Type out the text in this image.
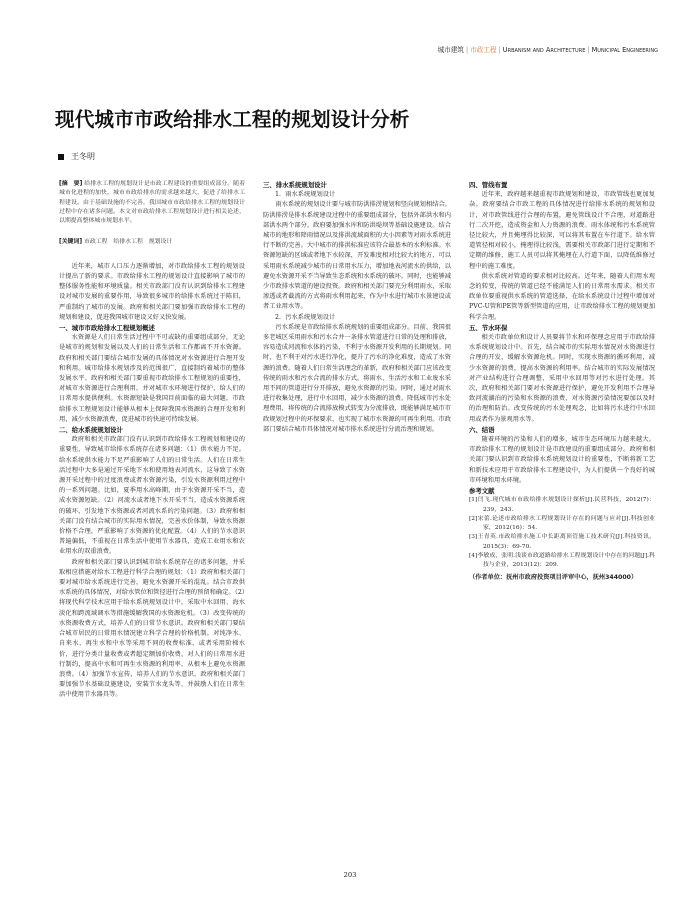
城市建筑 | 市政工程 | Urbanism and Architecture | Municipal Engineering
现代城市市政给排水工程的规划设计分析
王冬明

[摘　要] 给排水工程的规划设计是市政工程建设的重要组成部分。随着城市化进程的加快，城市市政给排水的需求越来越大，促进了给排水工程建设。由于基础设施的不完善，我国城市市政给排水工程的规划设计过程中存在诸多问题。本文对市政给排水工程规划设计进行相关论述，以期提高整体城市规划水平。

[关键词] 市政工程　给排水工程　规划设计

近年来，城市人口压力逐渐增加，对市政给排水工程的规划设计提出了新的要求。市政给排水工程的规划设计直接影响了城市的整体服务性能和环境质量。相关市政部门没有认识到给排水工程建设对城市发展的重要作用，导致很多城市的给排水系统过于陈旧，严重制约了城市的发展。政府和相关部门要加强市政给排水工程的规划和建设，促进我国城市建设又好又快发展。

一、城市市政给排水工程规划概述

水资源是人们日常生活过程中不可或缺的重要组成部分，无论是城市的规划和发展以及人们的日常生活和工作都离不开水资源。政府和相关部门要结合城市发展的具体情况对水资源进行合理开发和利用。城市给排水规划涉及的范围很广，直接制约着城市的整体发展水平。政府和相关部门要重视市政给排水工程规划的重要性，对城市水资源进行合理利用，并对城市水环境进行保护，给人们的日常用水提供便利。水资源短缺是我国目前面临的最大问题。市政给排水工程规划设计能够从根本上保障我国水资源的合理开发和利用，减少水资源浪费，促进城市的快速可持续发展。

二、给水系统规划设计

政府和相关市政部门没有认识到市政给排水工程规划和建设的重要性，导致城市给排水系统存在诸多问题：（1）供水能力不足。给水系统供水能力不足严重影响了人们的日常生活。人们在日常生活过程中大多是通过开采地下水和使用地表河流水，这导致了水资源开采过程中的过度浪费或者水资源污染，引发水资源利用过程中的一系列问题。比如，夏季用水高峰期，由于水资源开采不当，造成水资源短缺。（2）河流水或者地下水开采不当，造成水资源系统的破坏，引发地下水资源或者河流水系的污染问题。（3）政府和相关部门没有结合城市的实际用水情况，完善水价体制，导致水资源价格不合理，严重影响了水资源的优化配置。（4）人们的节水意识普遍偏低，不重视在日常生活中使用节水器具，造成工业用水和农业用水的双重浪费。

政府和相关部门要认识到城市给水系统存在的诸多问题，并采取相应措施对给水工程进行科学合理的规划：（1）政府和相关部门要对城市给水系统进行完善，避免水资源开采的混乱。结合市政供水系统的具体情况，对给水管位和管径进行合理的预留和确定。（2）将现代科学技术应用于给水系统规划设计中，采取中水回用、海水淡化和跨流域调水等措施缓解我国的水资源危机。（3）改变传统的水资源收费方式，培养人们的日常节水意识。政府和相关部门要结合城市居民的日常用水情况建立科学合理的价格机制。对纯净水、自来水、再生水和中水等采用不同的收费标准，或者采用阶梯水价，进行分类计量收费或者超定额加价收费，对人们的日常用水进行制约，提高中水和可再生水资源的利用率，从根本上避免水资源浪费。（4）加强节水宣传，培养人们的节水意识。政府和相关部门要加强节水基础设施建设，安装节水龙头等，并鼓励人们在日常生活中使用节水器具等。

三、排水系统规划设计
1．雨水系统规划设计

雨水系统的规划设计要与城市防洪排涝规划和竖向规划相结合。防洪排涝是排水系统建设过程中的重要组成部分，包括外部洪水和内部洪水两个部分。政府要加强水库和防洪堤坝等基础设施建设。结合城市的地形和降雨情况以及排洪流域面积的大小因素等对雨水系统进行不断的完善。大中城市的排洪标准应该符合最基本的水利标准。水资源短缺的区域或者地下水较深，开发难度相对比较大的地方，可以采用雨水系统减少城市的日常用水压力，增加地表河流水的供给，以避免水资源开采不当导致生态系统和水系统的破坏。同时，也能够减少市政排水管道的建设投资。政府和相关部门要充分利用雨水，采取渗透或者截流的方式将雨水利用起来，作为中水进行城市水景建设或者工业用水等。

2．污水系统规划设计

污水系统是市政给排水系统规划的重要组成部分。目前，我国很多老城区采用雨水和污水合并一条排水管道进行日常的处理和排放，容易造成河流和水体的污染，不利于水资源开发利用的长期规划。同时，也不利于对污水进行净化，提升了污水的净化难度，造成了水资源的浪费。随着人们日常生活理念的革新，政府和相关部门应该改变传统的雨水和污水合流的排水方式，将雨水、生活污水和工业废水采用不同的管道进行分开排放，避免水资源的污染。同时，通过对雨水进行收集处理，进行中水回用，减少水资源的浪费。降低城市污水处理费用，将传统的合流排放模式转变为分流排放，既能够满足城市市政规划过程中的环保要求，也实现了城市水资源的可再生利用。市政部门要结合城市具体情况对城市排水系统进行分流治理和规划。

四、管线布置

近年来，政府越来越重视市政规划和建设，市政管线也更加复杂。政府要结合市政工程的具体情况进行给排水系统的规划和设计，对市政管线进行合理的布置，避免管线设计不合理，对道路进行二次开挖，造成资金和人力资源的浪费。雨水体统和污水系统管径比较大，并且掩埋得比较深，可以将其布置在车行道下。给水管道管径相对较小，掩埋得比较浅，需要相关市政部门进行定期和不定期的维修，施工人员可以将其掩埋在人行道下面，以降低维修过程中的施工难度。

供水系统对管道的要求相对比较高。近年来，随着人们用水观念的转变，传统的管道已经不能满足人们的日常用水需求。相关市政单位要重视供水系统的管道选择，在给水系统设计过程中增加对PVC-U管和PE管等新型管道的应用，让市政给排水工程的规划更加科学合理。

五、节水环保

相关市政单位和设计人员要将节水和环保理念应用于市政给排水系统规划设计中。首先，结合城市的实际用水情况对水资源进行合理的开发，缓解水资源危机。同时，实现水资源的循环利用，减少水资源的浪费，提高水资源的利用率。结合城市的实际发展情况对产业结构进行合理调整，采用中水回用等对污水进行处理。其次，政府和相关部门要对水资源进行保护，避免开发利用不合理导致河流湖泊的污染和水资源的浪费，对水资源污染情况要加以及时的治理和防治。改变传统的污水处理观念，比如将污水进行中水回用或者作为景观用水等。

六、结语

随着环境的污染和人们的增多，城市生态环境压力越来越大。市政给排水工程的规划设计是市政建设的重要组成部分。政府和相关部门要认识到市政给排水系统规划设计的重要性，不断将新工艺和新技术应用于市政给排水工程建设中，为人们提供一个良好的城市环境和用水环境。

参考文献

[1]闫飞.现代城市市政给排水规划设计探析[J].民营科技，2012(7)：239，243.

[2]宋蕾.论述市政给排水工程规划设计存在的问题与应对[J].科技创业家，2012(16)：54.

[3]王青英.市政给排水施工中长距离顶管施工技术研究[J].科技资讯，2015(3)：69-70.

[4]李敏成，张明.浅谈市政道路给排水工程规划设计中存在的问题[J].科技与企业，2013(12)：209.

（作者单位：抚州市政府投资项目评审中心，抚州344000）

203
